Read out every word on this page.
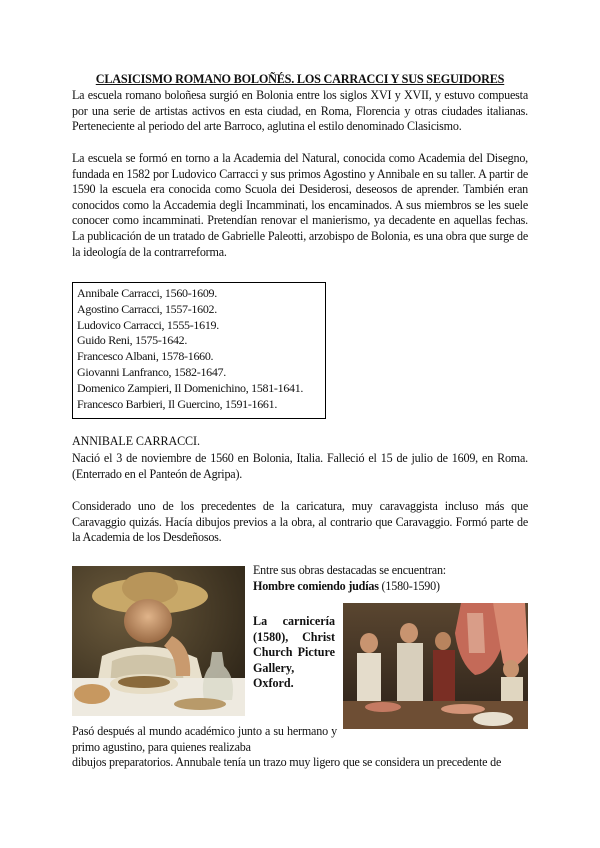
CLASICISMO ROMANO BOLOÑÉS. LOS CARRACCI Y SUS SEGUIDORES
La escuela romano boloñesa surgió en Bolonia entre los siglos XVI y XVII, y estuvo compuesta por una serie de artistas activos en esta ciudad, en Roma, Florencia y otras ciudades italianas. Perteneciente al periodo del arte Barroco, aglutina el estilo denominado Clasicismo.
La escuela se formó en torno a la Academia del Natural, conocida como Academia del Disegno, fundada en 1582 por Ludovico Carracci y sus primos Agostino y Annibale en su taller. A partir de 1590 la escuela era conocida como Scuola dei Desiderosi, deseosos de aprender. También eran conocidos como la Accademia degli Incamminati, los encaminados. A sus miembros se les suele conocer como incamminati. Pretendían renovar el manierismo, ya decadente en aquellas fechas. La publicación de un tratado de Gabrielle Paleotti, arzobispo de Bolonia, es una obra que surge de la ideología de la contrarreforma.
Annibale Carracci, 1560-1609.
Agostino Carracci, 1557-1602.
Ludovico Carracci, 1555-1619.
Guido Reni, 1575-1642.
Francesco Albani, 1578-1660.
Giovanni Lanfranco, 1582-1647.
Domenico Zampieri, Il Domenichino, 1581-1641.
Francesco Barbieri, Il Guercino, 1591-1661.
ANNIBALE CARRACCI.
Nació el 3 de noviembre de 1560 en Bolonia, Italia. Falleció el 15 de julio de 1609, en Roma. (Enterrado en el Panteón de Agripa).
Considerado uno de los precedentes de la caricatura, muy caravaggista incluso más que Caravaggio quizás. Hacía dibujos previos a la obra, al contrario que Caravaggio. Formó parte de la Academia de los Desdeñosos.
Entre sus obras destacadas se encuentran:
Hombre comiendo judías (1580-1590)
La carnicería (1580), Christ Church Picture Gallery, Oxford.
Pasó después al mundo académico junto a su hermano y primo agustino, para quienes realizaba
dibujos preparatorios. Annubale tenía un trazo muy ligero que se considera un precedente de
